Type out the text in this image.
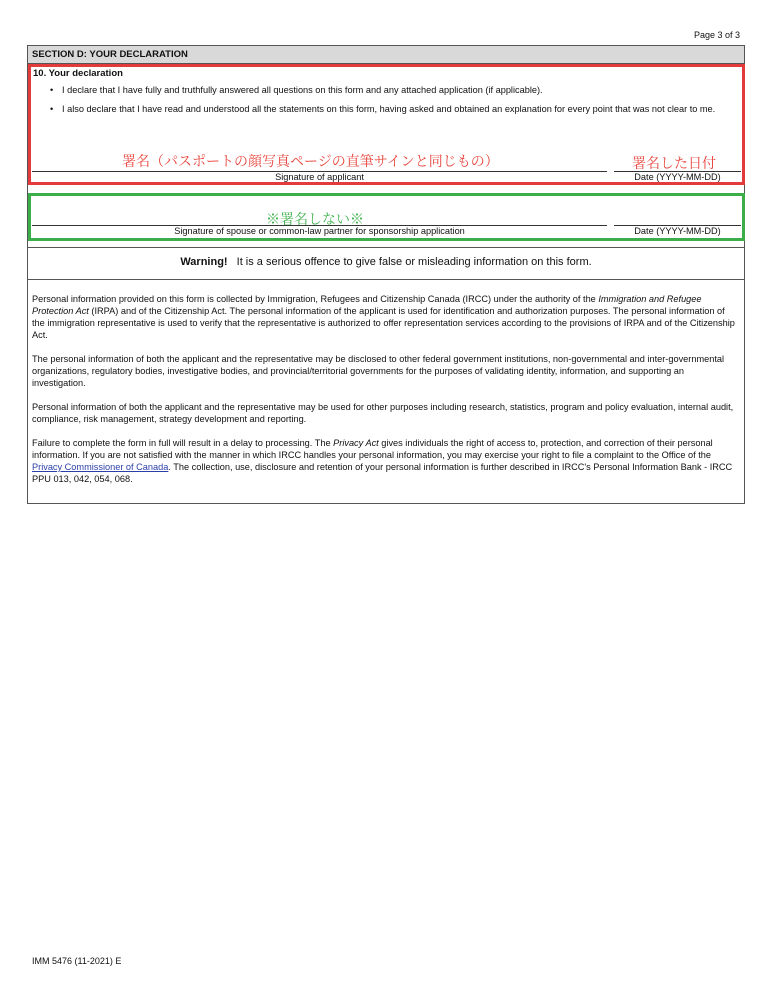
Page 3 of 3
SECTION D: YOUR DECLARATION
10. Your declaration
• I declare that I have fully and truthfully answered all questions on this form and any attached application (if applicable).
• I also declare that I have read and understood all the statements on this form, having asked and obtained an explanation for every point that was not clear to me.
署名（パスポートの顔写真ページの直筆サインと同じもの）	署名した日付
Signature of applicant	Date (YYYY-MM-DD)
※署名しない※
Signature of spouse or common-law partner for sponsorship application	Date (YYYY-MM-DD)
Warning! It is a serious offence to give false or misleading information on this form.

Personal information provided on this form is collected by Immigration, Refugees and Citizenship Canada (IRCC) under the authority of the Immigration and Refugee Protection Act (IRPA) and of the Citizenship Act. The personal information of the applicant is used for identification and authorization purposes. The personal information of the immigration representative is used to verify that the representative is authorized to offer representation services according to the provisions of IRPA and of the Citizenship Act.

The personal information of both the applicant and the representative may be disclosed to other federal government institutions, non-governmental and inter-governmental organizations, regulatory bodies, investigative bodies, and provincial/territorial governments for the purposes of validating identity, information, and supporting an investigation.

Personal information of both the applicant and the representative may be used for other purposes including research, statistics, program and policy evaluation, internal audit, compliance, risk management, strategy development and reporting.

Failure to complete the form in full will result in a delay to processing. The Privacy Act gives individuals the right of access to, protection, and correction of their personal information. If you are not satisfied with the manner in which IRCC handles your personal information, you may exercise your right to file a complaint to the Office of the Privacy Commissioner of Canada. The collection, use, disclosure and retention of your personal information is further described in IRCC's Personal Information Bank - IRCC PPU 013, 042, 054, 068.

IMM 5476 (11-2021) E
